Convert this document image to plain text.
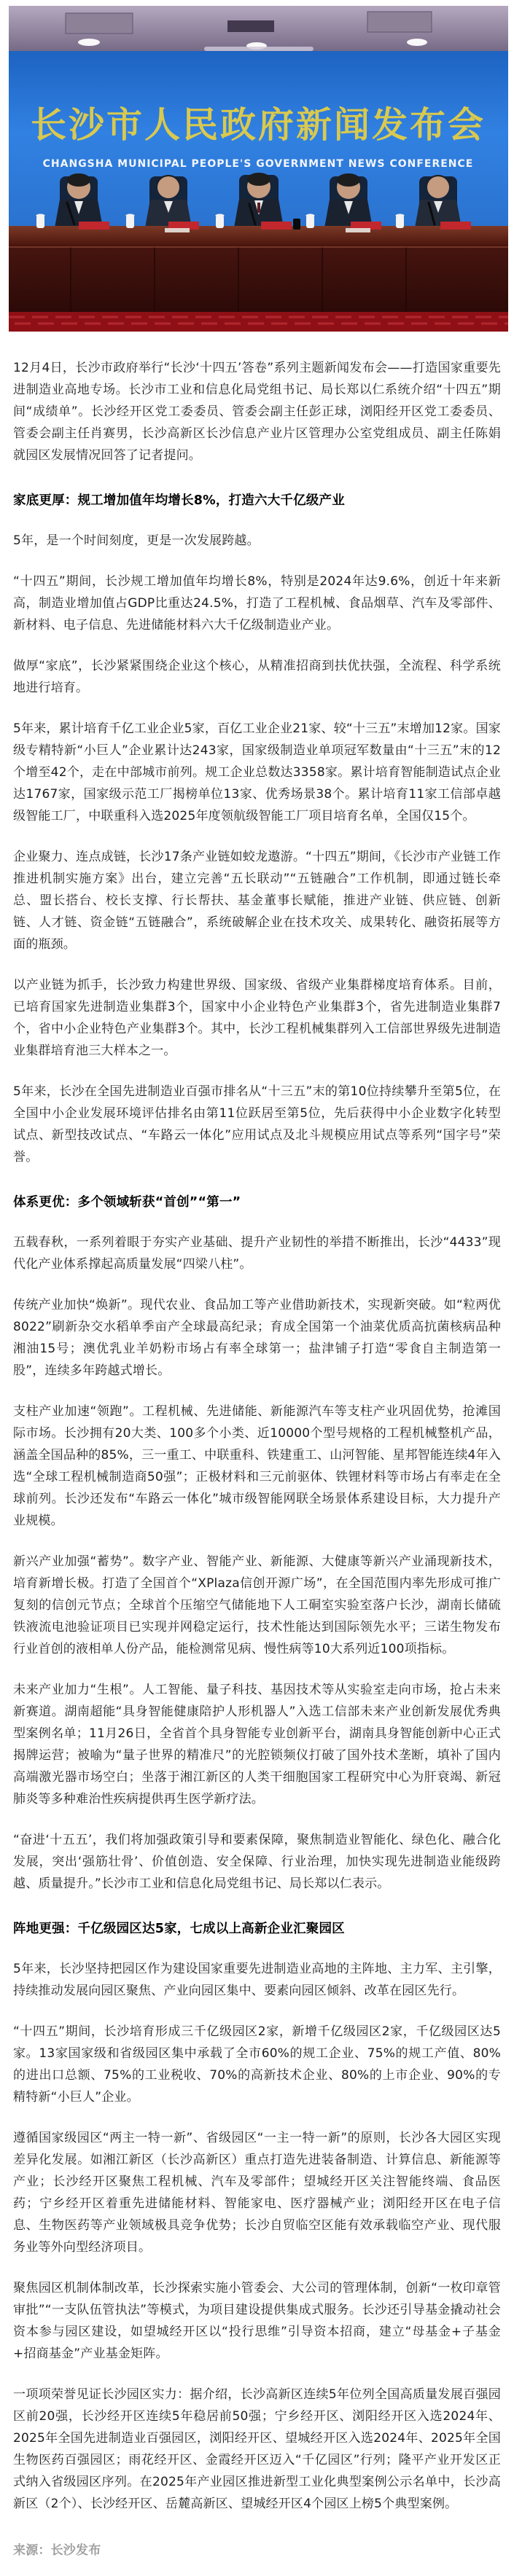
长沙市人民政府新闻发布会
CHANGSHA MUNICIPAL PEOPLE'S GOVERNMENT NEWS CONFERENCE

12月4日，长沙市政府举行“长沙‘十四五’答卷”系列主题新闻发布会——打造国家重要先进制造业高地专场。长沙市工业和信息化局党组书记、局长郑以仁系统介绍“十四五”期间“成绩单”。长沙经开区党工委委员、管委会副主任彭正球，浏阳经开区党工委委员、管委会副主任肖赛男，长沙高新区长沙信息产业片区管理办公室党组成员、副主任陈娟就园区发展情况回答了记者提问。

家底更厚：规工增加值年均增长8%，打造六大千亿级产业

5年，是一个时间刻度，更是一次发展跨越。

“十四五”期间，长沙规工增加值年均增长8%，特别是2024年达9.6%，创近十年来新高，制造业增加值占GDP比重达24.5%，打造了工程机械、食品烟草、汽车及零部件、新材料、电子信息、先进储能材料六大千亿级制造业产业。

做厚“家底”，长沙紧紧围绕企业这个核心，从精准招商到扶优扶强，全流程、科学系统地进行培育。

5年来，累计培育千亿工业企业5家，百亿工业企业21家、较“十三五”末增加12家。国家级专精特新“小巨人”企业累计达243家，国家级制造业单项冠军数量由“十三五”末的12个增至42个，走在中部城市前列。规工企业总数达3358家。累计培育智能制造试点企业达1767家，国家级示范工厂揭榜单位13家、优秀场景38个。累计培育11家工信部卓越级智能工厂，中联重科入选2025年度领航级智能工厂项目培育名单，全国仅15个。

企业聚力、连点成链，长沙17条产业链如蛟龙遨游。“十四五”期间，《长沙市产业链工作推进机制实施方案》出台，建立完善“五长联动”“五链融合”工作机制，即通过链长牵总、盟长搭台、校长支撑、行长帮扶、基金董事长赋能，推进产业链、供应链、创新链、人才链、资金链“五链融合”，系统破解企业在技术攻关、成果转化、融资拓展等方面的瓶颈。

以产业链为抓手，长沙致力构建世界级、国家级、省级产业集群梯度培育体系。目前，已培育国家先进制造业集群3个，国家中小企业特色产业集群3个，省先进制造业集群7个，省中小企业特色产业集群3个。其中，长沙工程机械集群列入工信部世界级先进制造业集群培育池三大样本之一。

5年来，长沙在全国先进制造业百强市排名从“十三五”末的第10位持续攀升至第5位，在全国中小企业发展环境评估排名由第11位跃居至第5位，先后获得中小企业数字化转型试点、新型技改试点、“车路云一体化”应用试点及北斗规模应用试点等系列“国字号”荣誉。

体系更优：多个领域斩获“首创”“第一”

五载春秋，一系列着眼于夯实产业基础、提升产业韧性的举措不断推出，长沙“4433”现代化产业体系撑起高质量发展“四梁八柱”。

传统产业加快“焕新”。现代农业、食品加工等产业借助新技术，实现新突破。如“粒两优8022”刷新杂交水稻单季亩产全球最高纪录；育成全国第一个油菜优质高抗菌核病品种湘油15号；澳优乳业羊奶粉市场占有率全球第一；盐津铺子打造“零食自主制造第一股”，连续多年跨越式增长。

支柱产业加速“领跑”。工程机械、先进储能、新能源汽车等支柱产业巩固优势，抢滩国际市场。长沙拥有20大类、100多个小类、近10000个型号规格的工程机械整机产品，涵盖全国品种的85%，三一重工、中联重科、铁建重工、山河智能、星邦智能连续4年入选“全球工程机械制造商50强”；正极材料和三元前驱体、铁锂材料等市场占有率走在全球前列。长沙还发布“车路云一体化”城市级智能网联全场景体系建设目标，大力提升产业规模。

新兴产业加强“蓄势”。数字产业、智能产业、新能源、大健康等新兴产业涌现新技术，培育新增长极。打造了全国首个“XPlaza信创开源广场”，在全国范围内率先形成可推广复刻的信创元节点；全球首个压缩空气储能地下人工硐室实验室落户长沙，湖南长储硫铁液流电池验证项目已实现并网稳定运行，技术性能达到国际领先水平；三诺生物发布行业首创的液相单人份产品，能检测常见病、慢性病等10大系列近100项指标。

未来产业加力“生根”。人工智能、量子科技、基因技术等从实验室走向市场，抢占未来新赛道。湖南超能“具身智能健康陪护人形机器人”入选工信部未来产业创新发展优秀典型案例名单；11月26日，全省首个具身智能专业创新平台，湖南具身智能创新中心正式揭牌运营；被喻为“量子世界的精准尺”的光腔锁频仪打破了国外技术垄断，填补了国内高端激光器市场空白；坐落于湘江新区的人类干细胞国家工程研究中心为肝衰竭、新冠肺炎等多种难治性疾病提供再生医学新疗法。

“奋进‘十五五’，我们将加强政策引导和要素保障，聚焦制造业智能化、绿色化、融合化发展，突出‘强筋壮骨’、价值创造、安全保障、行业治理，加快实现先进制造业能级跨越、质量提升。”长沙市工业和信息化局党组书记、局长郑以仁表示。

阵地更强：千亿级园区达5家，七成以上高新企业汇聚园区

5年来，长沙坚持把园区作为建设国家重要先进制造业高地的主阵地、主力军、主引擎，持续推动发展向园区聚焦、产业向园区集中、要素向园区倾斜、改革在园区先行。

“十四五”期间，长沙培育形成三千亿级园区2家，新增千亿级园区2家，千亿级园区达5家。13家国家级和省级园区集中承载了全市60%的规工企业、75%的规工产值、80%的进出口总额、75%的工业税收、70%的高新技术企业、80%的上市企业、90%的专精特新“小巨人”企业。

遵循国家级园区“两主一特一新”、省级园区“一主一特一新”的原则，长沙各大园区实现差异化发展。如湘江新区（长沙高新区）重点打造先进装备制造、计算信息、新能源等产业；长沙经开区聚焦工程机械、汽车及零部件；望城经开区关注智能终端、食品医药；宁乡经开区着重先进储能材料、智能家电、医疗器械产业；浏阳经开区在电子信息、生物医药等产业领域极具竞争优势；长沙自贸临空区能有效承载临空产业、现代服务业等外向型经济项目。

聚焦园区机制体制改革，长沙探索实施小管委会、大公司的管理体制，创新“一枚印章管审批”“一支队伍管执法”等模式，为项目建设提供集成式服务。长沙还引导基金撬动社会资本参与园区建设，如望城经开区以“投行思维”引导资本招商，建立“母基金+子基金+招商基金”产业基金矩阵。

一项项荣誉见证长沙园区实力：据介绍，长沙高新区连续5年位列全国高质量发展百强园区前20强，长沙经开区连续5年稳居前50强；宁乡经开区、浏阳经开区入选2024年、2025年全国先进制造业百强园区，浏阳经开区、望城经开区入选2024年、2025年全国生物医药百强园区；雨花经开区、金霞经开区迈入“千亿园区”行列；隆平产业开发区正式纳入省级园区序列。在2025年产业园区推进新型工业化典型案例公示名单中，长沙高新区（2个）、长沙经开区、岳麓高新区、望城经开区4个园区上榜5个典型案例。

来源：长沙发布
